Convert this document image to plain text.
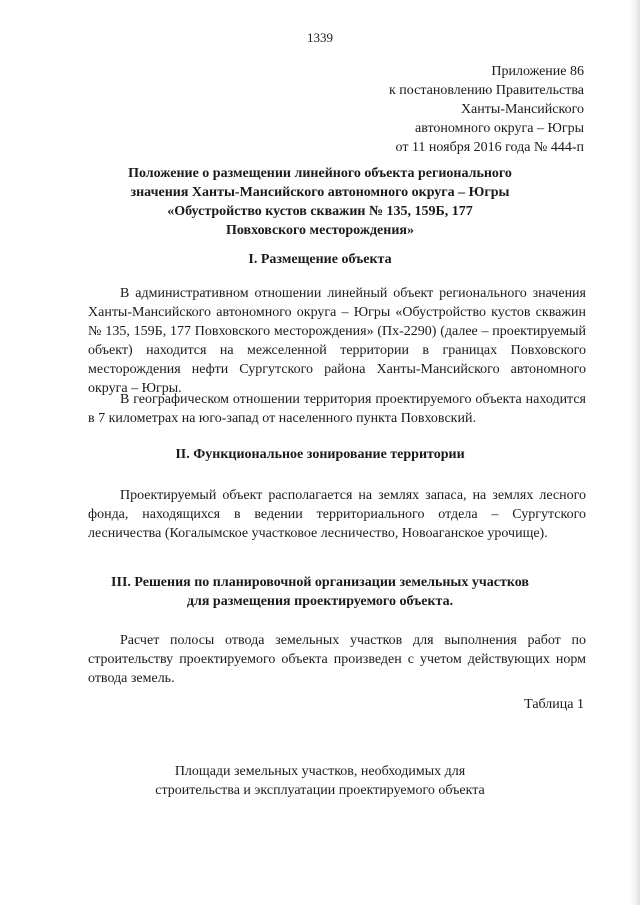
1339
Приложение 86
к постановлению Правительства
Ханты-Мансийского
автономного округа – Югры
от 11 ноября 2016 года № 444-п
Положение о размещении линейного объекта регионального
значения Ханты-Мансийского автономного округа – Югры
«Обустройство кустов скважин № 135, 159Б, 177
Повховского месторождения»
I. Размещение объекта
В административном отношении линейный объект регионального значения Ханты-Мансийского автономного округа – Югры «Обустройство кустов скважин № 135, 159Б, 177 Повховского месторождения» (Пх-2290) (далее – проектируемый объект) находится на межселенной территории в границах Повховского месторождения нефти Сургутского района Ханты-Мансийского автономного округа – Югры.
В географическом отношении территория проектируемого объекта находится в 7 километрах на юго-запад от населенного пункта Повховский.
II. Функциональное зонирование территории
Проектируемый объект располагается на землях запаса, на землях лесного фонда, находящихся в ведении территориального отдела – Сургутского лесничества (Когалымское участковое лесничество, Новоаганское урочище).
III. Решения по планировочной организации земельных участков
для размещения проектируемого объекта.
Расчет полосы отвода земельных участков для выполнения работ по строительству проектируемого объекта произведен с учетом действующих норм отвода земель.
Таблица 1
Площади земельных участков, необходимых для
строительства и эксплуатации проектируемого объекта
